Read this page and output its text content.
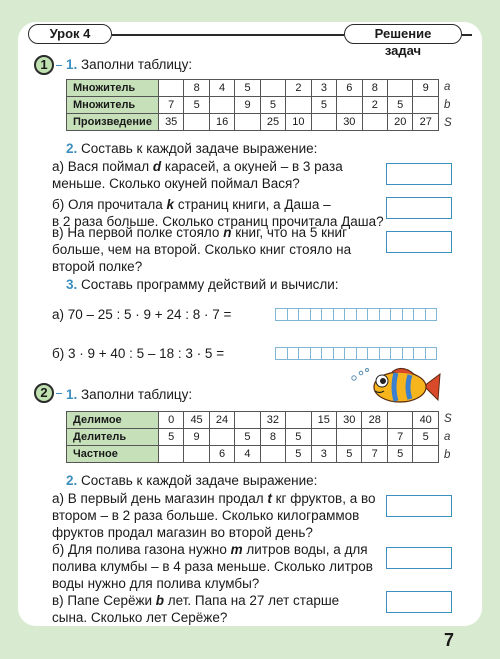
Урок 4	Решение задач
1	1. Заполни таблицу:
Множитель		8	4	5		2	3	6	8		9
Множитель	7	5		9	5		5		2	5	
Произведение	35		16		25	10		30		20	27
a
b
S
2. Составь к каждой задаче выражение:
а) Вася поймал d карасей, а окуней – в 3 раза
меньше. Сколько окуней поймал Вася?
б) Оля прочитала k страниц книги, а Даша –
в 2 раза больше. Сколько страниц прочитала Даша?
в) На первой полке стояло n книг, что на 5 книг
больше, чем на второй. Сколько книг стояло на
второй полке?
3. Составь программу действий и вычисли:
а) 70 – 25 : 5 · 9 + 24 : 8 · 7 =
б) 3 · 9 + 40 : 5 – 18 : 3 · 5 =
2	1. Заполни таблицу:
Делимое	0	45	24		32		15	30	28		40
Делитель	5	9		5	8	5				7	5
Частное			6	4		5	3	5	7	5	
S
a
b
2. Составь к каждой задаче выражение:
а) В первый день магазин продал t кг фруктов, а во
втором – в 2 раза больше. Сколько килограммов
фруктов продал магазин во второй день?
б) Для полива газона нужно m литров воды, а для
полива клумбы – в 4 раза меньше. Сколько литров
воды нужно для полива клумбы?
в) Папе Серёжи b лет. Папа на 27 лет старше
сына. Сколько лет Серёже?
7
